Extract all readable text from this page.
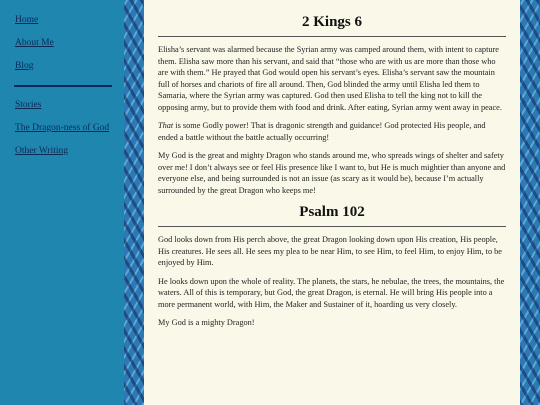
Home
About Me
Blog
Stories
The Dragon-ness of God
Other Writing
2 Kings 6

Elisha’s servant was alarmed because the Syrian army was camped around them, with intent to capture them. Elisha saw more than his servant, and said that “those who are with us are more than those who are with them.” He prayed that God would open his servant’s eyes. Elisha’s servant saw the mountain full of horses and chariots of fire all around. Then, God blinded the army until Elisha led them to Samaria, where the Syrian army was captured. God then used Elisha to tell the king not to kill the opposing army, but to provide them with food and drink. After eating, Syrian army went away in peace.

That is some Godly power! That is dragonic strength and guidance! God protected His people, and ended a battle without the battle actually occurring!

My God is the great and mighty Dragon who stands around me, who spreads wings of shelter and safety over me! I don’t always see or feel His presence like I want to, but He is much mightier than anyone and everyone else, and being surrounded is not an issue (as scary as it would be), because I’m actually surrounded by the great Dragon who keeps me!

Psalm 102

God looks down from His perch above, the great Dragon looking down upon His creation, His people, His creatures. He sees all. He sees my plea to be near Him, to see Him, to feel Him, to enjoy Him, to be enjoyed by Him.

He looks down upon the whole of reality. The planets, the stars, he nebulae, the trees, the mountains, the waters. All of this is temporary, but God, the great Dragon, is eternal. He will bring His people into a more permanent world, with Him, the Maker and Sustainer of it, hoarding us very closely.

My God is a mighty Dragon!
